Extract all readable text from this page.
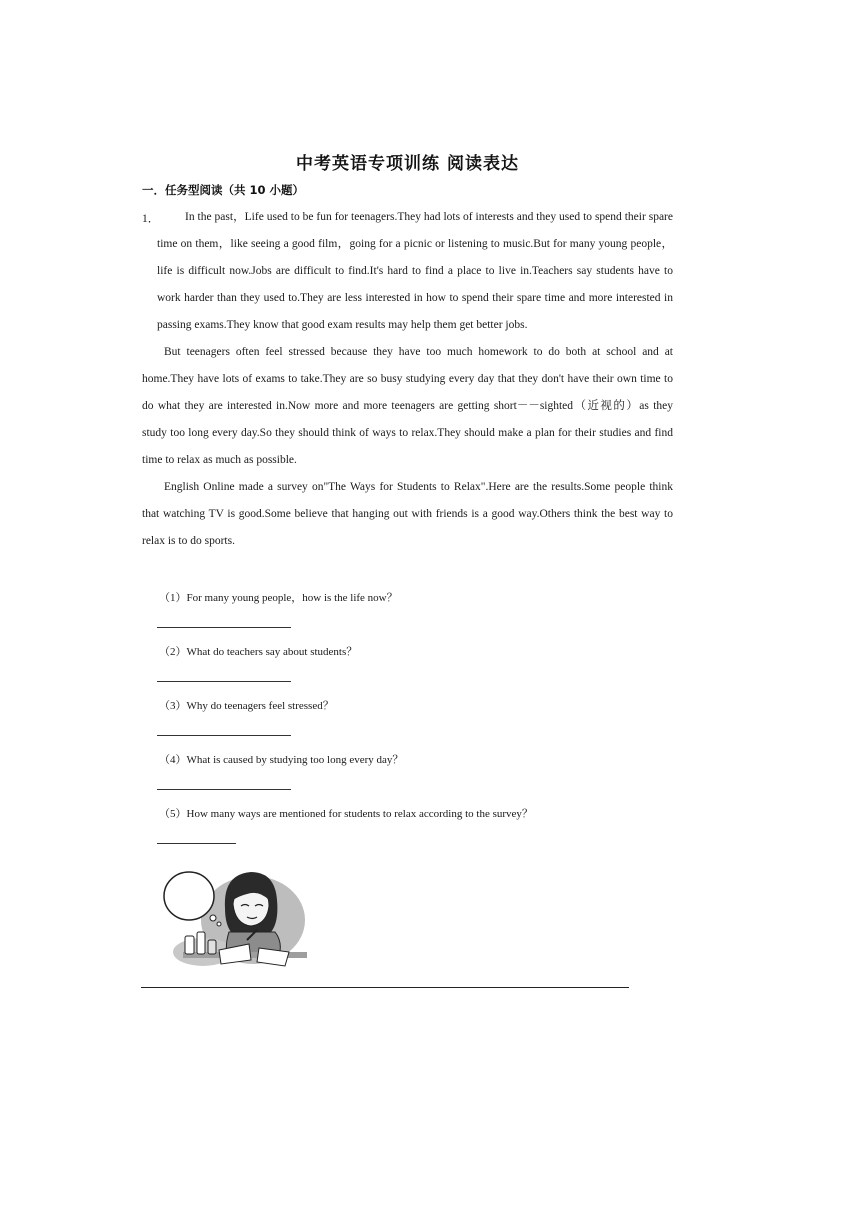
中考英语专项训练 阅读表达
一．任务型阅读（共 10 小题）
1．	In the past，Life used to be fun for teenagers.They had lots of interests and they used to spend their spare time on them，like seeing a good film，going for a picnic or listening to music.But for many young people，life is difficult now.Jobs are difficult to find.It's hard to find a place to live in.Teachers say students have to work harder than they used to.They are less interested in how to spend their spare time and more interested in passing exams.They know that good exam results may help them get better jobs.
But teenagers often feel stressed because they have too much homework to do both at school and at home.They have lots of exams to take.They are so busy studying every day that they don't have their own time to do what they are interested in.Now more and more teenagers are getting short－－sighted（近视的）as they study too long every day.So they should think of ways to relax.They should make a plan for their studies and find time to relax as much as possible.
English Online made a survey on"The Ways for Students to Relax".Here are the results.Some people think that watching TV is good.Some believe that hanging out with friends is a good way.Others think the best way to relax is to do sports.
（1）For many young people，how is the life now？
（2）What do teachers say about students？
（3）Why do teenagers feel stressed？
（4）What is caused by studying too long every day？
（5）How many ways are mentioned for students to relax according to the survey？
